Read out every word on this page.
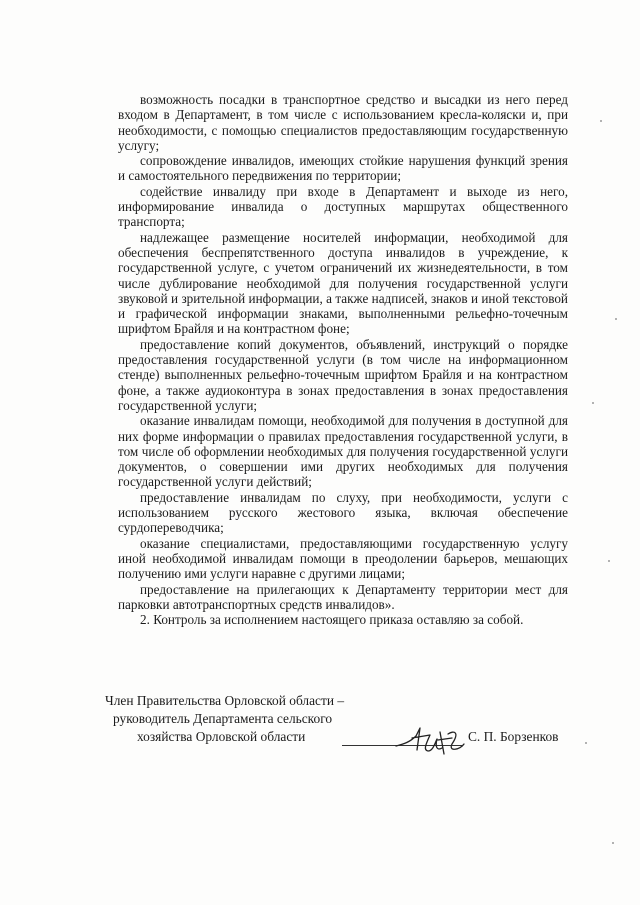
возможность посадки в транспортное средство и высадки из него перед входом в Департамент, в том числе с использованием кресла-коляски и, при необходимости, с помощью специалистов предоставляющим государственную услугу;

сопровождение инвалидов, имеющих стойкие нарушения функций зрения и самостоятельного передвижения по территории;

содействие инвалиду при входе в Департамент и выходе из него, информирование инвалида о доступных маршрутах общественного транспорта;

надлежащее размещение носителей информации, необходимой для обеспечения беспрепятственного доступа инвалидов в учреждение, к государственной услуге, с учетом ограничений их жизнедеятельности, в том числе дублирование необходимой для получения государственной услуги звуковой и зрительной информации, а также надписей, знаков и иной текстовой и графической информации знаками, выполненными рельефно-точечным шрифтом Брайля и на контрастном фоне;

предоставление копий документов, объявлений, инструкций о порядке предоставления государственной услуги (в том числе на информационном стенде) выполненных рельефно-точечным шрифтом Брайля и на контрастном фоне, а также аудиоконтура в зонах предоставления в зонах предоставления государственной услуги;

оказание инвалидам помощи, необходимой для получения в доступной для них форме информации о правилах предоставления государственной услуги, в том числе об оформлении необходимых для получения государственной услуги документов, о совершении ими других необходимых для получения государственной услуги действий;

предоставление инвалидам по слуху, при необходимости, услуги с использованием русского жестового языка, включая обеспечение сурдопереводчика;

оказание специалистами, предоставляющими государственную услугу иной необходимой инвалидам помощи в преодолении барьеров, мешающих получению ими услуги наравне с другими лицами;

предоставление на прилегающих к Департаменту территории мест для парковки автотранспортных средств инвалидов».

2. Контроль за исполнением настоящего приказа оставляю за собой.

Член Правительства Орловской области –
руководитель Департамента сельского
хозяйства Орловской области	С. П. Борзенков
